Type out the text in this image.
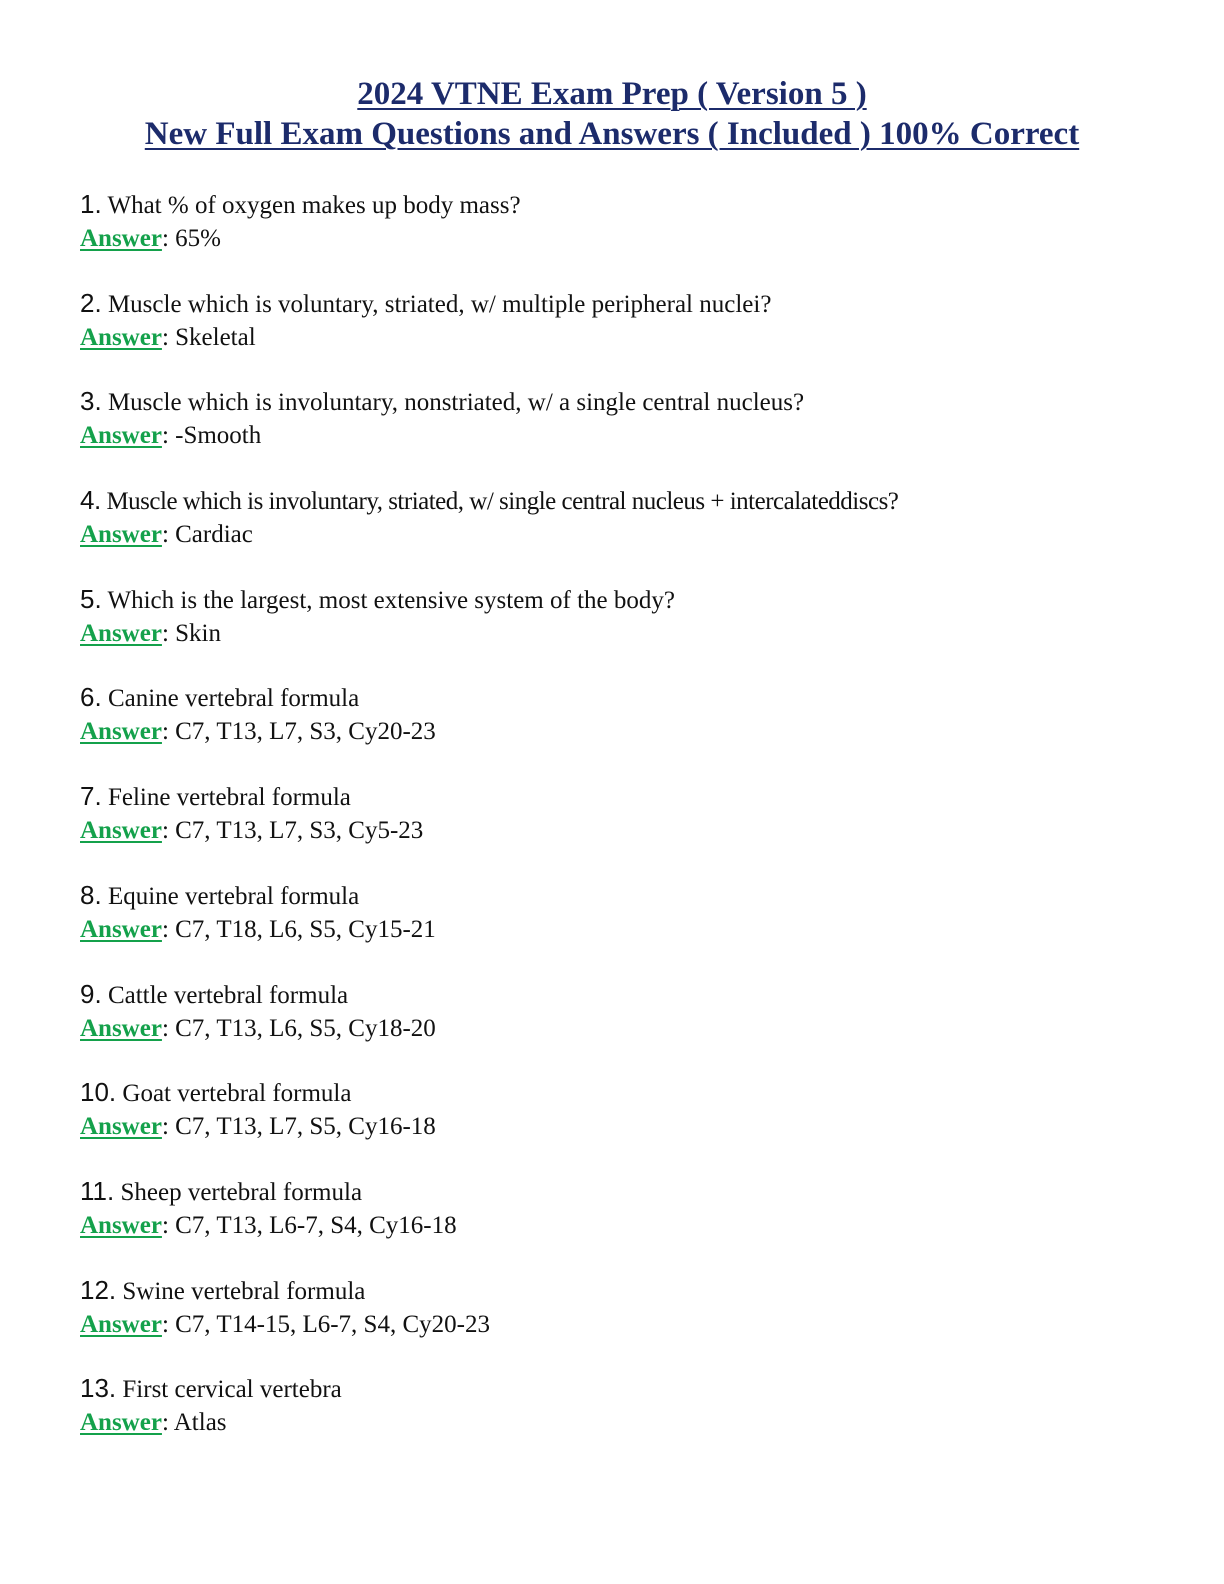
2024 VTNE Exam Prep ( Version 5 )
New Full Exam Questions and Answers ( Included ) 100% Correct
1. What % of oxygen makes up body mass?
Answer: 65%
2. Muscle which is voluntary, striated, w/ multiple peripheral nuclei?
Answer: Skeletal
3. Muscle which is involuntary, nonstriated, w/ a single central nucleus?
Answer: -Smooth
4. Muscle which is involuntary, striated, w/ single central nucleus + intercalateddiscs?
Answer: Cardiac
5. Which is the largest, most extensive system of the body?
Answer: Skin
6. Canine vertebral formula
Answer: C7, T13, L7, S3, Cy20-23
7. Feline vertebral formula
Answer: C7, T13, L7, S3, Cy5-23
8. Equine vertebral formula
Answer: C7, T18, L6, S5, Cy15-21
9. Cattle vertebral formula
Answer: C7, T13, L6, S5, Cy18-20
10. Goat vertebral formula
Answer: C7, T13, L7, S5, Cy16-18
11. Sheep vertebral formula
Answer: C7, T13, L6-7, S4, Cy16-18
12. Swine vertebral formula
Answer: C7, T14-15, L6-7, S4, Cy20-23
13. First cervical vertebra
Answer: Atlas
